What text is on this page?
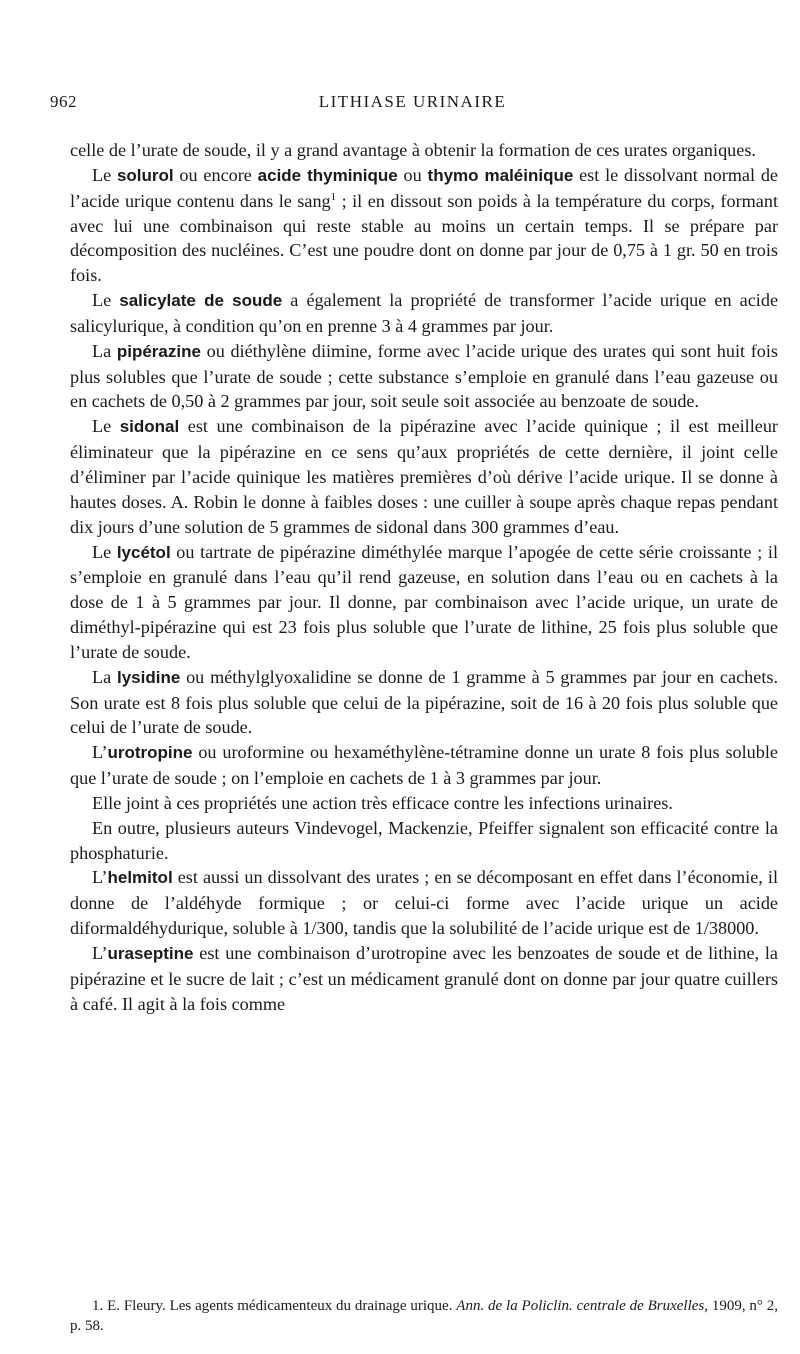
962	LITHIASE URINAIRE

celle de l’urate de soude, il y a grand avantage à obtenir la formation de ces urates organiques.

Le solurol ou encore acide thyminique ou thymo maléinique est le dissolvant normal de l’acide urique contenu dans le sang$^1$ ; il en dissout son poids à la température du corps, formant avec lui une combinaison qui reste stable au moins un certain temps. Il se prépare par décomposition des nucléines. C’est une poudre dont on donne par jour de 0,75 à 1 gr. 50 en trois fois.

Le salicylate de soude a également la propriété de transformer l’acide urique en acide salicylurique, à condition qu’on en prenne 3 à 4 grammes par jour.

La pipérazine ou diéthylène diimine, forme avec l’acide urique des urates qui sont huit fois plus solubles que l’urate de soude ; cette substance s’emploie en granulé dans l’eau gazeuse ou en cachets de 0,50 à 2 grammes par jour, soit seule soit associée au benzoate de soude.

Le sidonal est une combinaison de la pipérazine avec l’acide quinique ; il est meilleur éliminateur que la pipérazine en ce sens qu’aux propriétés de cette dernière, il joint celle d’éliminer par l’acide quinique les matières premières d’où dérive l’acide urique. Il se donne à hautes doses. A. Robin le donne à faibles doses : une cuiller à soupe après chaque repas pendant dix jours d’une solution de 5 grammes de sidonal dans 300 grammes d’eau.

Le lycétol ou tartrate de pipérazine diméthylée marque l’apogée de cette série croissante ; il s’emploie en granulé dans l’eau qu’il rend gazeuse, en solution dans l’eau ou en cachets à la dose de 1 à 5 grammes par jour. Il donne, par combinaison avec l’acide urique, un urate de diméthyl-pipérazine qui est 23 fois plus soluble que l’urate de lithine, 25 fois plus soluble que l’urate de soude.

La lysidine ou méthylglyoxalidine se donne de 1 gramme à 5 grammes par jour en cachets. Son urate est 8 fois plus soluble que celui de la pipérazine, soit de 16 à 20 fois plus soluble que celui de l’urate de soude.

L’urotropine ou uroformine ou hexaméthylène-tétramine donne un urate 8 fois plus soluble que l’urate de soude ; on l’emploie en cachets de 1 à 3 grammes par jour.

Elle joint à ces propriétés une action très efficace contre les infections urinaires.

En outre, plusieurs auteurs Vindevogel, Mackenzie, Pfeiffer signalent son efficacité contre la phosphaturie.

L’helmitol est aussi un dissolvant des urates ; en se décomposant en effet dans l’économie, il donne de l’aldéhyde formique ; or celui-ci forme avec l’acide urique un acide diformaldéhydurique, soluble à 1/300, tandis que la solubilité de l’acide urique est de 1/38000.

L’uraseptine est une combinaison d’urotropine avec les benzoates de soude et de lithine, la pipérazine et le sucre de lait ; c’est un médicament granulé dont on donne par jour quatre cuillers à café. Il agit à la fois comme

1. E. Fleury. Les agents médicamenteux du drainage urique. Ann. de la Policlin. centrale de Bruxelles, 1909, n° 2, p. 58.
